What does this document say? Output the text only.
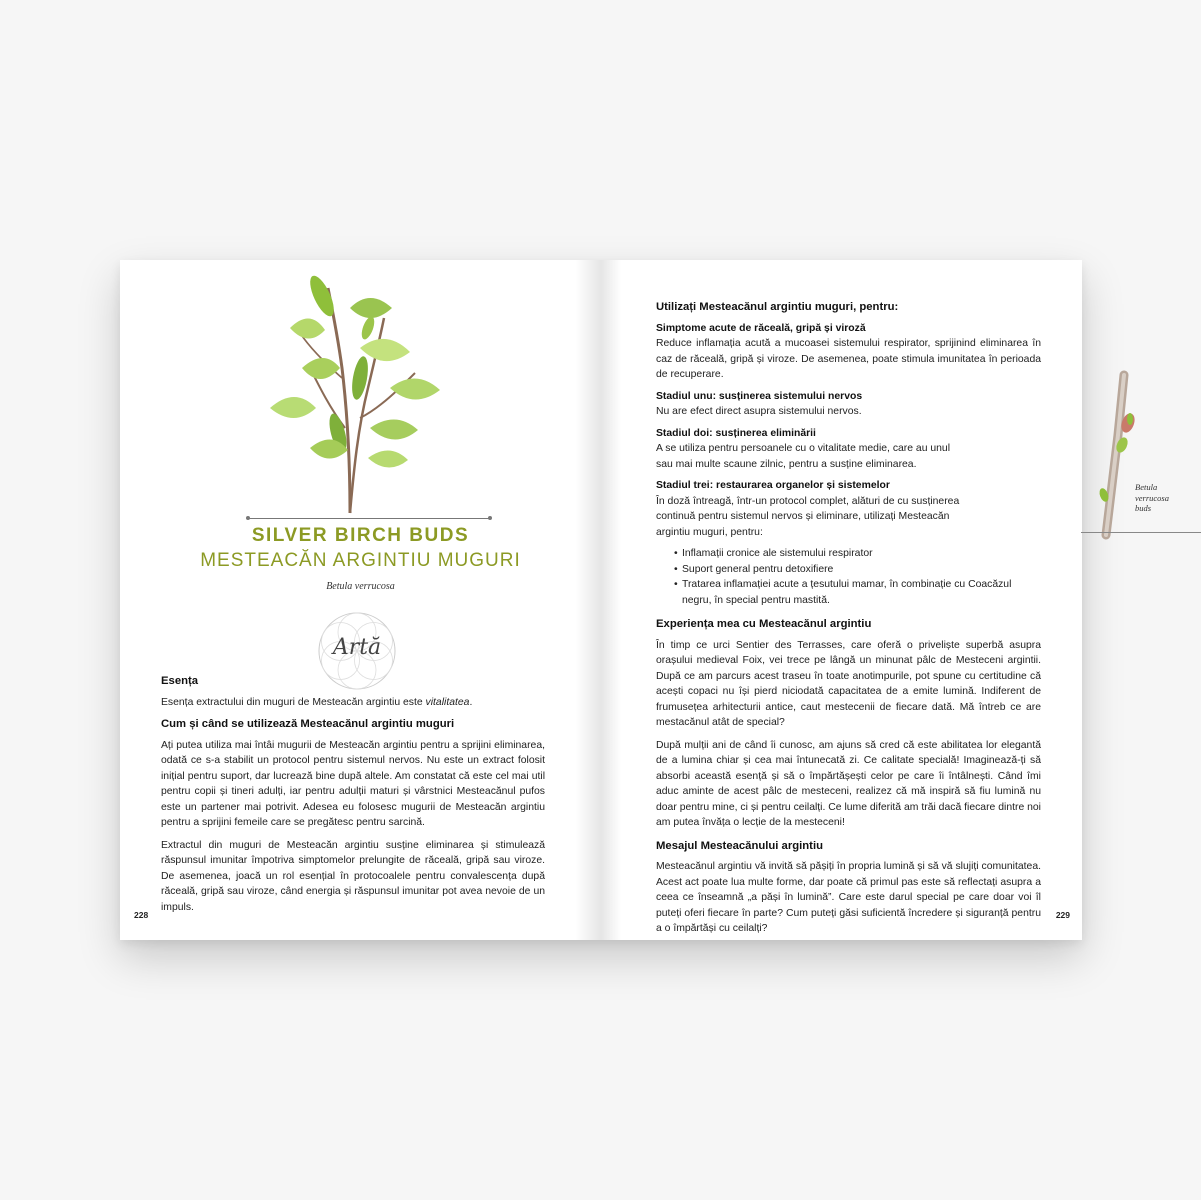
SILVER BIRCH BUDS
MESTEACĂN ARGINTIU MUGURI
Betula verrucosa
Artă
Esența

Esența extractului din muguri de Mesteacăn argintiu este vitalitatea.

Cum și când se utilizează Mesteacănul argintiu muguri

Ați putea utiliza mai întâi mugurii de Mesteacăn argintiu pentru a sprijini eliminarea, odată ce s-a stabilit un protocol pentru sistemul nervos. Nu este un extract folosit inițial pentru suport, dar lucrează bine după altele. Am constatat că este cel mai util pentru copii și tineri adulți, iar pentru adulții maturi și vârstnici Mesteacănul pufos este un partener mai potrivit. Adesea eu folosesc mugurii de Mesteacăn argintiu pentru a sprijini femeile care se pregătesc pentru sarcină.

Extractul din muguri de Mesteacăn argintiu susține eliminarea și stimulează răspunsul imunitar împotriva simptomelor prelungite de răceală, gripă sau viroze. De asemenea, joacă un rol esențial în protocoalele pentru convalescența după răceală, gripă sau viroze, când energia și răspunsul imunitar pot avea nevoie de un impuls.

228
Utilizați Mesteacănul argintiu muguri, pentru:
Simptome acute de răceală, gripă și viroză

Reduce inflamația acută a mucoasei sistemului respirator, sprijinind eliminarea în caz de răceală, gripă și viroze. De asemenea, poate stimula imunitatea în perioada de recuperare.

Stadiul unu: susținerea sistemului nervos

Nu are efect direct asupra sistemului nervos.

Stadiul doi: susținerea eliminării

A se utiliza pentru persoanele cu o vitalitate medie, care au unul sau mai multe scaune zilnic, pentru a susține eliminarea.

Stadiul trei: restaurarea organelor și sistemelor

În doză întreagă, într-un protocol complet, alături de cu susținerea continuă pentru sistemul nervos și eliminare, utilizați Mesteacăn argintiu muguri, pentru:

• Inflamații cronice ale sistemului respirator
• Suport general pentru detoxifiere
• Tratarea inflamației acute a țesutului mamar, în combinație cu Coacăzul negru, în special pentru mastită.
Experiența mea cu Mesteacănul argintiu

În timp ce urci Sentier des Terrasses, care oferă o priveliște superbă asupra orașului medieval Foix, vei trece pe lângă un minunat pâlc de Mesteceni argintii. După ce am parcurs acest traseu în toate anotimpurile, pot spune cu certitudine că acești copaci nu își pierd niciodată capacitatea de a emite lumină. Indiferent de frumusețea arhitecturii antice, caut mestecenii de fiecare dată. Mă întreb ce are mestacănul atât de special?

După mulții ani de când îi cunosc, am ajuns să cred că este abilitatea lor elegantă de a lumina chiar și cea mai întunecată zi. Ce calitate specială! Imaginează-ți să absorbi această esență și să o împărtășești celor pe care îi întâlnești. Când îmi aduc aminte de acest pâlc de mesteceni, realizez că mă inspiră să fiu lumină nu doar pentru mine, ci și pentru ceilalți. Ce lume diferită am trăi dacă fiecare dintre noi am putea învăța o lecție de la mesteceni!

Mesajul Mesteacănului argintiu

Mesteacănul argintiu vă invită să pășiți în propria lumină și să vă slujiți comunitatea. Acest act poate lua multe forme, dar poate că primul pas este să reflectați asupra a ceea ce înseamnă „a păși în lumină”. Care este darul special pe care doar voi îl puteți oferi fiecare în parte? Cum puteți găsi suficientă încredere și siguranță pentru a o împărtăși cu ceilalți?

Betula
verrucosa
buds
229
